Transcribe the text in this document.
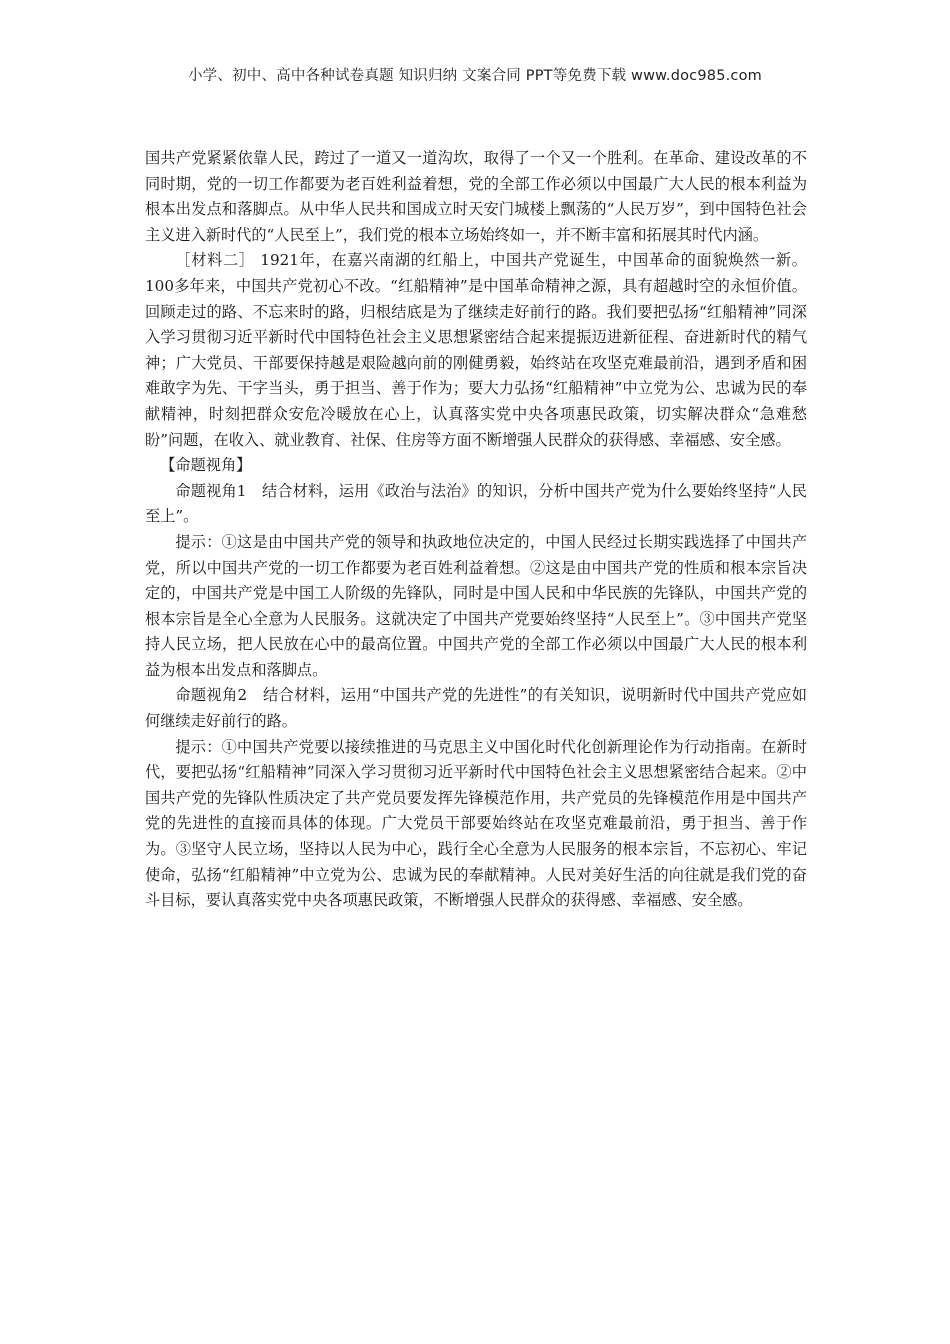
小学、初中、高中各种试卷真题 知识归纳 文案合同 PPT等免费下载 www.doc985.com

国共产党紧紧依靠人民，跨过了一道又一道沟坎，取得了一个又一个胜利。在革命、建设改革的不同时期，党的一切工作都要为老百姓利益着想，党的全部工作必须以中国最广大人民的根本利益为根本出发点和落脚点。从中华人民共和国成立时天安门城楼上飘荡的“人民万岁”，到中国特色社会主义进入新时代的“人民至上”，我们党的根本立场始终如一，并不断丰富和拓展其时代内涵。

［材料二］ 1921年，在嘉兴南湖的红船上，中国共产党诞生，中国革命的面貌焕然一新。100多年来，中国共产党初心不改。“红船精神”是中国革命精神之源，具有超越时空的永恒价值。回顾走过的路、不忘来时的路，归根结底是为了继续走好前行的路。我们要把弘扬“红船精神”同深入学习贯彻习近平新时代中国特色社会主义思想紧密结合起来提振迈进新征程、奋进新时代的精气神；广大党员、干部要保持越是艰险越向前的刚健勇毅，始终站在攻坚克难最前沿，遇到矛盾和困难敢字为先、干字当头，勇于担当、善于作为；要大力弘扬“红船精神”中立党为公、忠诚为民的奉献精神，时刻把群众安危冷暖放在心上，认真落实党中央各项惠民政策，切实解决群众“急难愁盼”问题，在收入、就业教育、社保、住房等方面不断增强人民群众的获得感、幸福感、安全感。

【命题视角】

命题视角1　结合材料，运用《政治与法治》的知识，分析中国共产党为什么要始终坚持“人民至上”。

提示：①这是由中国共产党的领导和执政地位决定的，中国人民经过长期实践选择了中国共产党，所以中国共产党的一切工作都要为老百姓利益着想。②这是由中国共产党的性质和根本宗旨决定的，中国共产党是中国工人阶级的先锋队，同时是中国人民和中华民族的先锋队，中国共产党的根本宗旨是全心全意为人民服务。这就决定了中国共产党要始终坚持“人民至上”。③中国共产党坚持人民立场，把人民放在心中的最高位置。中国共产党的全部工作必须以中国最广大人民的根本利益为根本出发点和落脚点。

命题视角2　结合材料，运用“中国共产党的先进性”的有关知识，说明新时代中国共产党应如何继续走好前行的路。

提示：①中国共产党要以接续推进的马克思主义中国化时代化创新理论作为行动指南。在新时代，要把弘扬“红船精神”同深入学习贯彻习近平新时代中国特色社会主义思想紧密结合起来。②中国共产党的先锋队性质决定了共产党员要发挥先锋模范作用，共产党员的先锋模范作用是中国共产党的先进性的直接而具体的体现。广大党员干部要始终站在攻坚克难最前沿，勇于担当、善于作为。③坚守人民立场，坚持以人民为中心，践行全心全意为人民服务的根本宗旨，不忘初心、牢记使命，弘扬“红船精神”中立党为公、忠诚为民的奉献精神。人民对美好生活的向往就是我们党的奋斗目标，要认真落实党中央各项惠民政策，不断增强人民群众的获得感、幸福感、安全感。
